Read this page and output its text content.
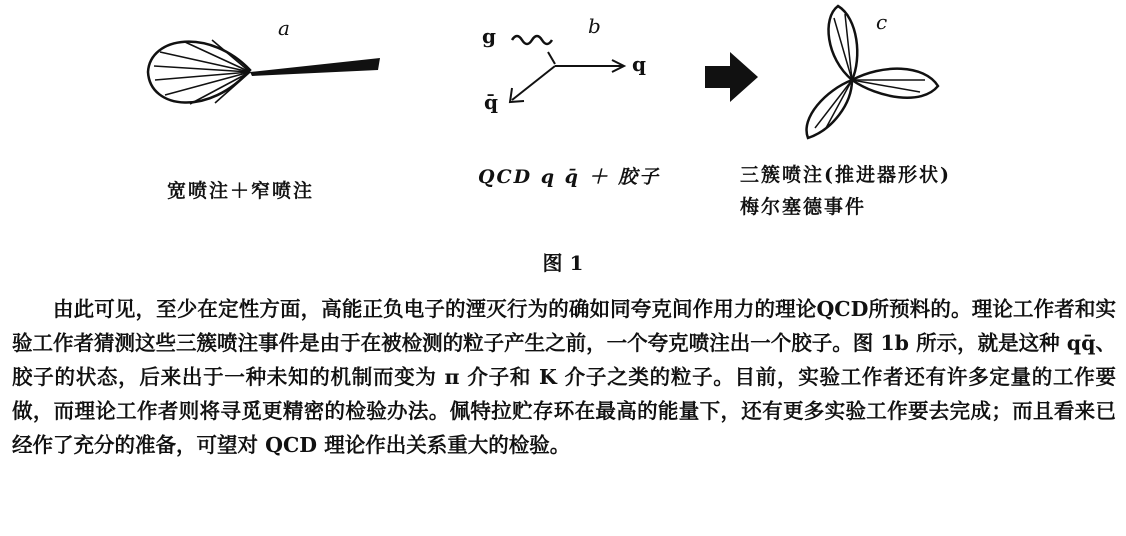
a
宽喷注＋窄喷注
b
g
q
q̄
QCD q q̄ ＋ 胶子
c
三簇喷注(推进器形状)
梅尔塞德事件
图 1

由此可见，至少在定性方面，高能正负电子的湮灭行为的确如同夸克间作用力的理论QCD所预料的。理论工作者和实验工作者猜测这些三簇喷注事件是由于在被检测的粒子产生之前，一个夸克喷注出一个胶子。图 1b 所示，就是这种 qq̄、胶子的状态，后来出于一种未知的机制而变为 π 介子和 K 介子之类的粒子。目前，实验工作者还有许多定量的工作要做，而理论工作者则将寻觅更精密的检验办法。佩特拉贮存环在最高的能量下，还有更多实验工作要去完成；而且看来已经作了充分的准备，可望对 QCD 理论作出关系重大的检验。
